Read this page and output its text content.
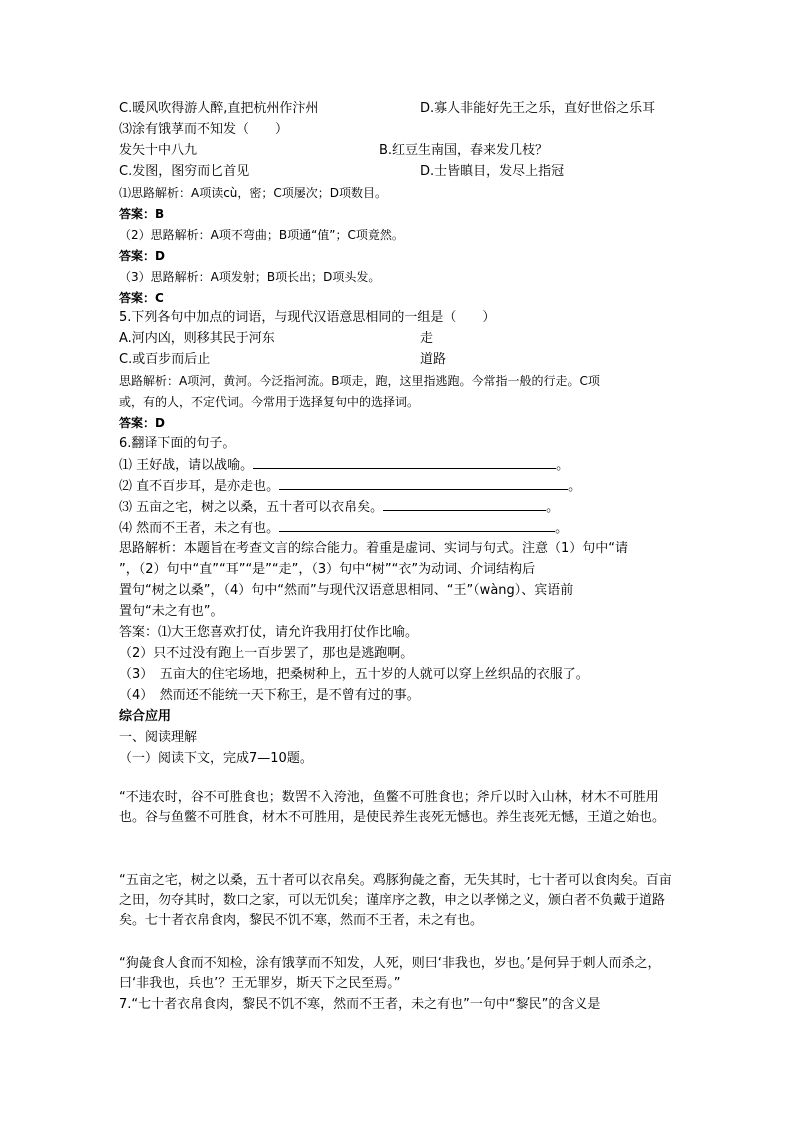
C.暖风吹得游人醉,直把杭州作汴州	D.寡人非能好先王之乐，直好世俗之乐耳
⑶涂有饿莩而不知发（　　）
发矢十中八九	B.红豆生南国，春来发几枝？
C.发图，图穷而匕首见	D.士皆瞋目，发尽上指冠
⑴思路解析：A项读cù，密；C项屡次；D项数目。
答案：B
（2）思路解析：A项不弯曲；B项通“值”；C项竟然。
答案：D
（3）思路解析：A项发射；B项长出；D项头发。
答案：C
5.下列各句中加点的词语，与现代汉语意思相同的一组是（　　）
A.河内凶，则移其民于河东	走
C.或百步而后止	道路
思路解析：A项河，黄河。今泛指河流。B项走，跑，这里指逃跑。今常指一般的行走。C项
或，有的人，不定代词。今常用于选择复句中的选择词。
答案：D
6.翻译下面的句子。
⑴ 王好战，请以战喻。	。
⑵ 直不百步耳，是亦走也。	。
⑶ 五亩之宅，树之以桑，五十者可以衣帛矣。	。
⑷ 然而不王者，未之有也。	。
思路解析：本题旨在考查文言的综合能力。着重是虚词、实词与句式。注意（1）句中“请
”，（2）句中“直”“耳”“是”“走”，（3）句中“树”“衣”为动词、介词结构后
置句“树之以桑”，（4）句中“然而”与现代汉语意思相同、“王”（wàng）、宾语前
置句“未之有也”。
答案：⑴大王您喜欢打仗，请允许我用打仗作比喻。
（2）只不过没有跑上一百步罢了，那也是逃跑啊。
（3）　五亩大的住宅场地，把桑树种上，五十岁的人就可以穿上丝织品的衣服了。
（4）　然而还不能统一天下称王，是不曾有过的事。
综合应用
一、阅读理解
（一）阅读下文，完成7—10题。
“不违农时，谷不可胜食也；数罟不入洿池，鱼鳖不可胜食也；斧斤以时入山林，材木不可胜用也。谷与鱼鳖不可胜食，材木不可胜用，是使民养生丧死无憾也。养生丧死无憾，王道之始也。
“五亩之宅，树之以桑，五十者可以衣帛矣。鸡豚狗彘之畜，无失其时，七十者可以食肉矣。百亩之田，勿夺其时，数口之家，可以无饥矣；谨庠序之教，申之以孝悌之义，颁白者不负戴于道路矣。七十者衣帛食肉，黎民不饥不寒，然而不王者，未之有也。
“狗彘食人食而不知检，涂有饿莩而不知发，人死，则曰‘非我也，岁也。’是何异于刺人而杀之，曰‘非我也，兵也’？王无罪岁，斯天下之民至焉。”
7.“七十者衣帛食肉，黎民不饥不寒，然而不王者，未之有也”一句中“黎民”的含义是
